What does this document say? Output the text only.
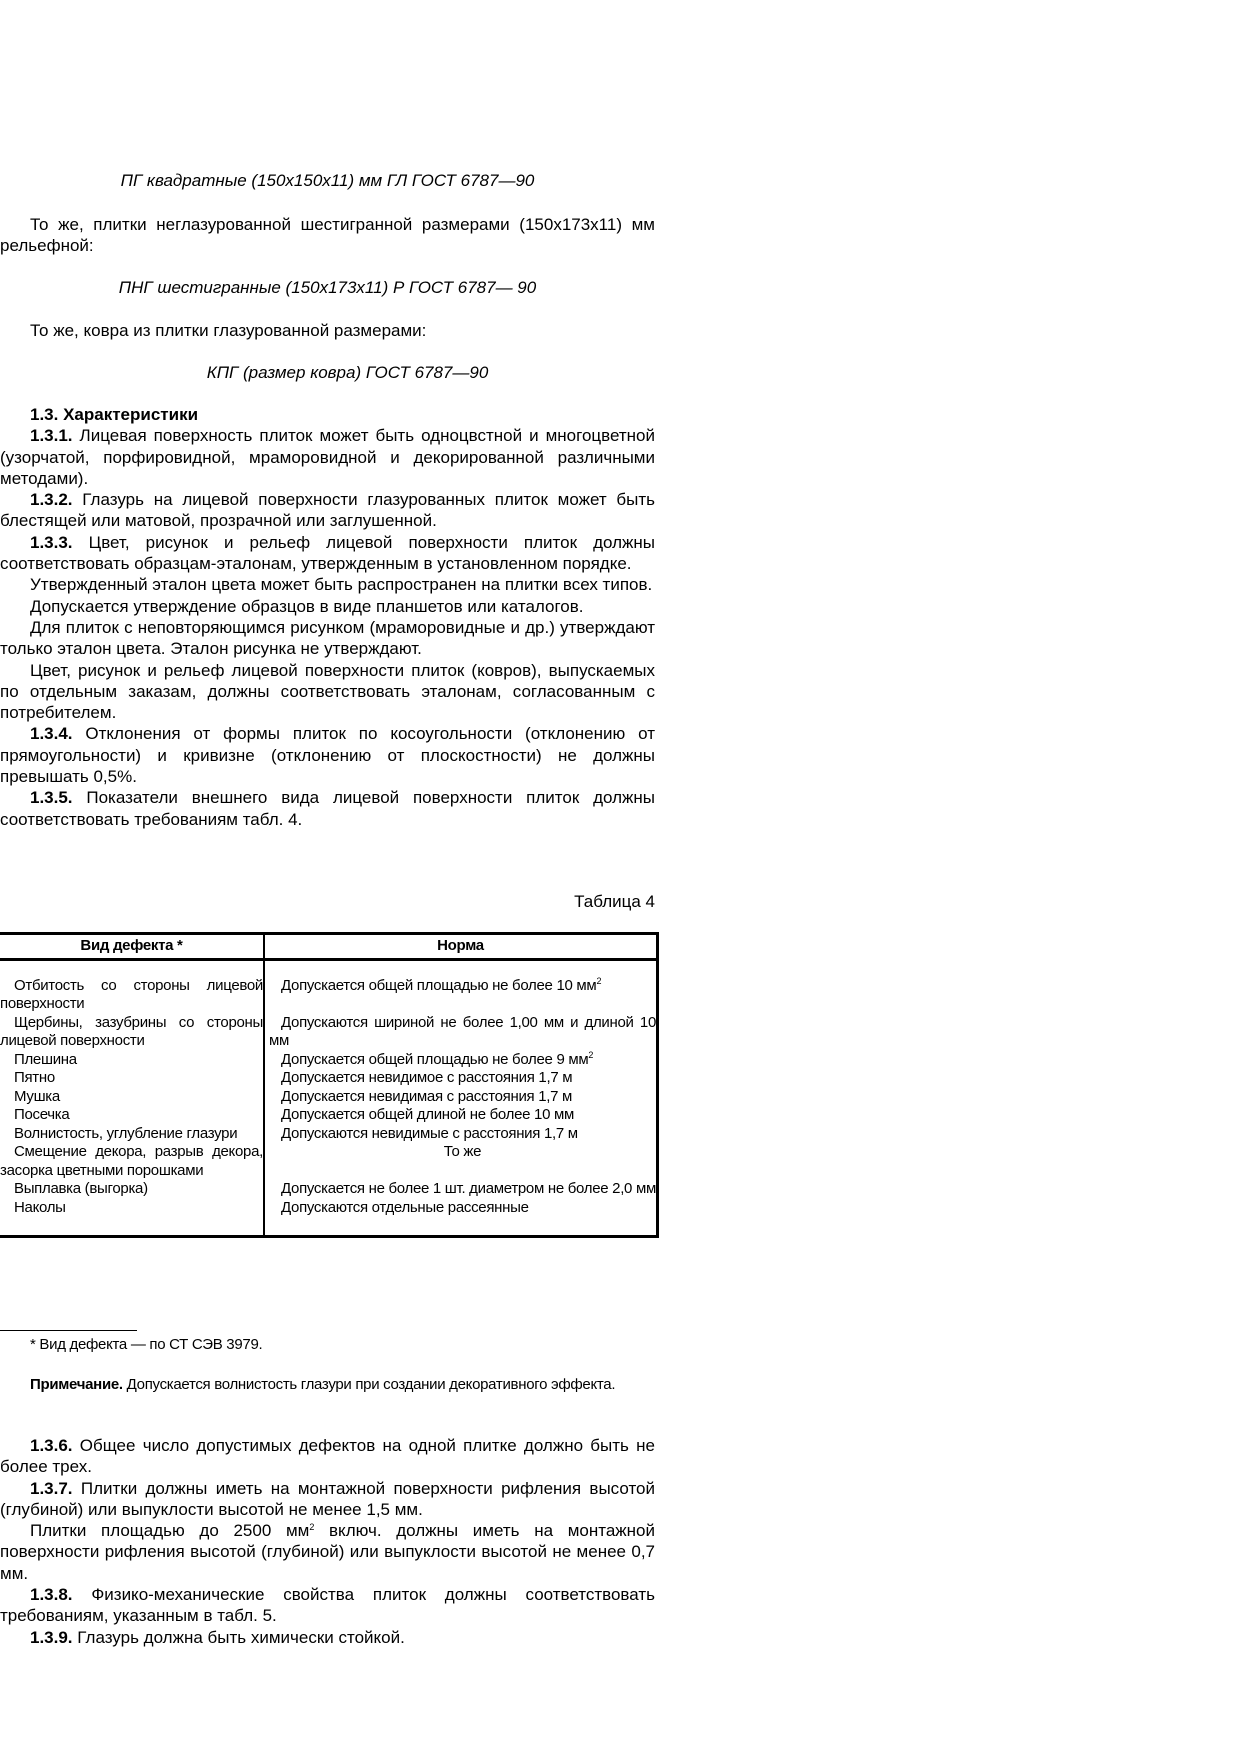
ПГ квадратные (150х150х11) мм ГЛ ГОСТ 6787—90

То же, плитки неглазурованной шестигранной размерами (150х173х11) мм рельефной:

ПНГ шестигранные (150х173х11) Р ГОСТ 6787— 90

То же, ковра из плитки глазурованной размерами:

КПГ (размер ковра) ГОСТ 6787—90

1.3. Характеристики

1.3.1. Лицевая поверхность плиток может быть одноцвстной и многоцветной (узорчатой, порфировидной, мраморовидной и декорированной различными методами).

1.3.2. Глазурь на лицевой поверхности глазурованных плиток может быть блестящей или матовой, прозрачной или заглушенной.

1.3.3. Цвет, рисунок и рельеф лицевой поверхности плиток должны соответствовать образцам-эталонам, утвержденным в установленном порядке.

Утвержденный эталон цвета может быть распространен на плитки всех типов.

Допускается утверждение образцов в виде планшетов или каталогов.

Для плиток с неповторяющимся рисунком (мраморовидные и др.) утверждают только эталон цвета. Эталон рисунка не утверждают.

Цвет, рисунок и рельеф лицевой поверхности плиток (ковров), выпускаемых по отдельным заказам, должны соответствовать эталонам, согласованным с потребителем.

1.3.4. Отклонения от формы плиток по косоугольности (отклонению от прямоугольности) и кривизне (отклонению от плоскостности) не должны превышать 0,5%.

1.3.5. Показатели внешнего вида лицевой поверхности плиток должны соответствовать требованиям табл. 4.

Таблица 4

Вид дефекта *	Норма

Отбитость со стороны лицевой поверхности	Допускается общей площадью не более 10 $мм^2$
Щербины, зазубрины со стороны лицевой поверхности	Допускаются шириной не более 1,00 мм и длиной 10 мм
Плешина	Допускается общей площадью не более 9 $мм^2$
Пятно	Допускается невидимое с расстояния 1,7 м
Мушка	Допускается невидимая с расстояния 1,7 м
Посечка	Допускается общей длиной не более 10 мм
Волнистость, углубление глазури	Допускаются невидимые с расстояния 1,7 м
Смещение декора, разрыв декора, засорка цветными порошками	То же
Выплавка (выгорка)	Допускается не более 1 шт. диаметром не более 2,0 мм
Наколы	Допускаются отдельные рассеянные

* Вид дефекта — по СТ СЭВ 3979.

Примечание. Допускается волнистость глазури при создании декоративного эффекта.

1.3.6. Общее число допустимых дефектов на одной плитке должно быть не более трех.

1.3.7. Плитки должны иметь на монтажной поверхности рифления высотой (глубиной) или выпуклости высотой не менее 1,5 мм.

Плитки площадью до 2500 $мм^2$ включ. должны иметь на монтажной поверхности рифления высотой (глубиной) или выпуклости высотой не менее 0,7 мм.

1.3.8. Физико-механические свойства плиток должны соответствовать требованиям, указанным в табл. 5.

1.3.9. Глазурь должна быть химически стойкой.
